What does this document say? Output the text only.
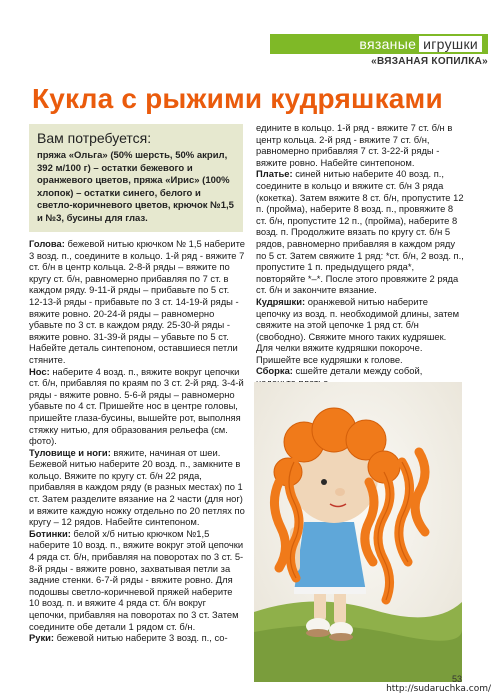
вязаные игрушки
«ВЯЗАНАЯ КОПИЛКА»
Кукла с рыжими кудряшками
Вам потребуется:
пряжа «Ольга» (50% шерсть, 50% акрил, 392 м/100 г) – остатки бежевого и оранжевого цветов, пряжа «Ирис» (100% хлопок) – остатки синего, белого и светло-коричневого цветов, крючок №1,5 и №3, бусины для глаз.

Голова: бежевой нитью крючком № 1,5 наберите 3 возд. п., соедините в кольцо. 1-й ряд - вяжите 7 ст. б/н в центр кольца. 2-8-й ряды – вяжите по кругу ст. б/н, равномерно прибавляя по 7 ст. в каждом ряду. 9-11-й ряды – прибавьте по 5 ст. 12-13-й ряды - прибавьте по 3 ст. 14-19-й ряды - вяжите ровно. 20-24-й ряды – равномерно убавьте по 3 ст. в каждом ряду. 25-30-й ряды - вяжите ровно. 31-39-й ряды – убавьте по 5 ст. Набейте деталь синтепоном, оставшиеся петли стяните.

Нос: наберите 4 возд. п., вяжите вокруг цепочки ст. б/н, прибавляя по краям по 3 ст. 2-й ряд. 3-4-й ряды - вяжите ровно. 5-6-й ряды – равномерно убавьте по 4 ст. Пришейте нос в центре головы, пришейте глаза-бусины, вышейте рот, выполняя стяжку нитью, для образования рельефа (см. фото).

Туловище и ноги: вяжите, начиная от шеи. Бежевой нитью наберите 20 возд. п., замкните в кольцо. Вяжите по кругу ст. б/н 22 ряда, прибавляя в каждом ряду (в разных местах) по 1 ст. Затем разделите вязание на 2 части (для ног) и вяжите каждую ножку отдельно по 20 петлях по кругу – 12 рядов. Набейте синтепоном.

Ботинки: белой х/б нитью крючком №1,5 наберите 10 возд. п., вяжите вокруг этой цепочки 4 ряда ст. б/н, прибавляя на поворотах по 3 ст. 5-8-й ряды - вяжите ровно, захватывая петли за задние стенки. 6-7-й ряды - вяжите ровно. Для подошвы светло-коричневой пряжей наберите 10 возд. п. и вяжите 4 ряда ст. б/н вокруг цепочки, прибавляя на поворотах по 3 ст. Затем соедините обе детали 1 рядом ст. б/н.

Руки: бежевой нитью наберите 3 возд. п., со-

едините в кольцо. 1-й ряд - вяжите 7 ст. б/н в центр кольца. 2-й ряд - вяжите 7 ст. б/н, равномерно прибавляя 7 ст. 3-22-й ряды - вяжите ровно. Набейте синтепоном.

Платье: синей нитью наберите 40 возд. п., соедините в кольцо и вяжите ст. б/н 3 ряда (кокетка). Затем вяжите 8 ст. б/н, пропустите 12 п. (пройма), наберите 8 возд. п., провяжите 8 ст. б/н, пропустите 12 п., (пройма), наберите 8 возд. п. Продолжите вязать по кругу ст. б/н 5 рядов, равномерно прибавляя в каждом ряду по 5 ст. Затем свяжите 1 ряд: *ст. б/н, 2 возд. п., пропустите 1 п. предыдущего ряда*, повторяйте *–*. После этого провяжите 2 ряда ст. б/н и закончите вязание.

Кудряшки: оранжевой нитью наберите цепочку из возд. п. необходимой длины, затем свяжите на этой цепочке 1 ряд ст. б/н (свободно). Свяжите много таких кудряшек. Для челки вяжите кудряшки покороче. Пришейте все кудряшки к голове.

Сборка: сшейте детали между собой,

53
http://sudaruchka.com/
